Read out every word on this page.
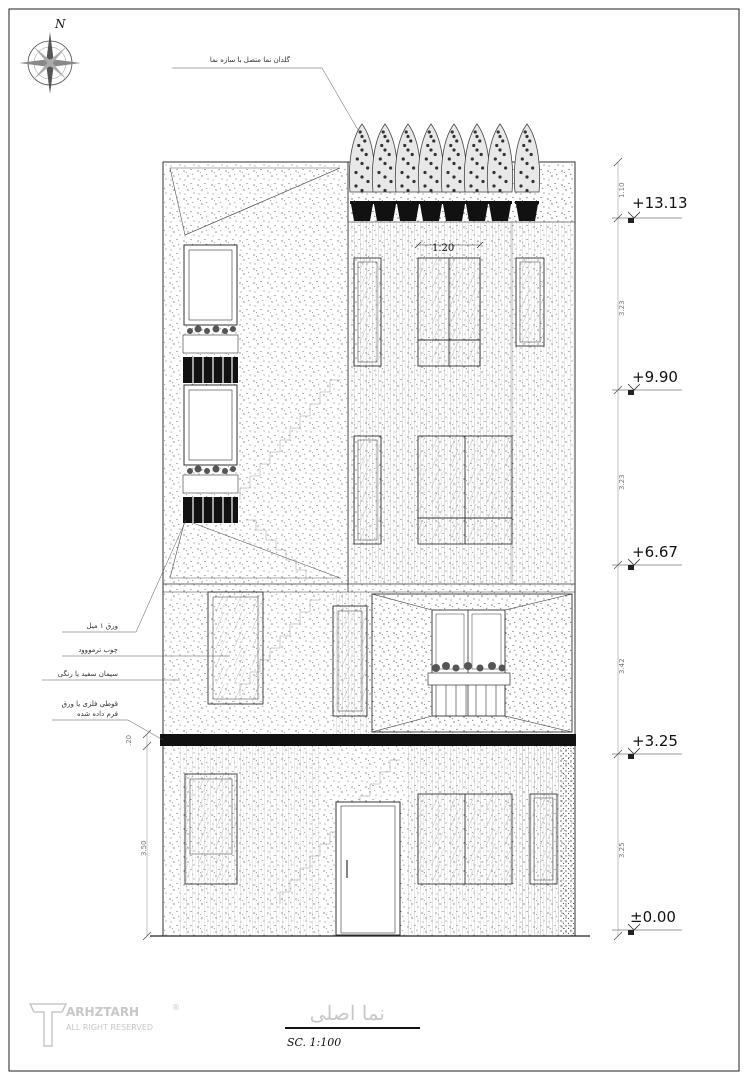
N
1.20
+13.13
+9.90
+6.67
+3.25
±0.00
1.10
3.23
3.23
3.42
3.25
.20
3.50
گلدان نما متصل با سازه نما
ورق ۱ میل
چوب ترمووود
سیمان سفید یا رنگی
قوطی فلزی یا ورق
فرم داده شده
نما اصلی
SC. 1:100
ARHZTARH	®
ALL RIGHT RESERVED
